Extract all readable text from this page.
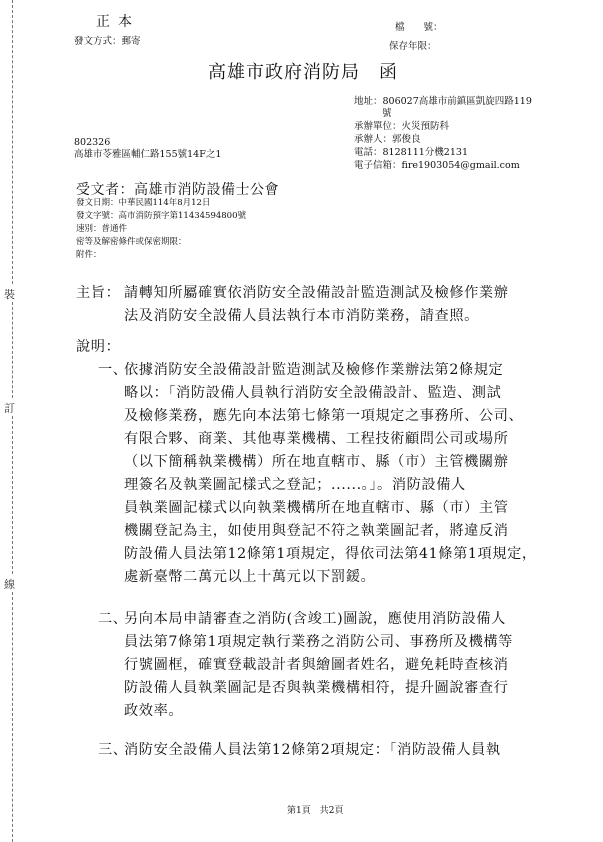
裝
訂
線

正本
發文方式：郵寄
檔　　號：
保存年限：
高雄市政府消防局　函
地址：806027高雄市前鎮區凱旋四路119
號
承辦單位：火災預防科
承辦人：郭俊良
電話：8128111分機2131
電子信箱：fire1903054@gmail.com
802326
高雄市苓雅區輔仁路155號14F之1
受文者：高雄市消防設備士公會
發文日期：中華民國114年8月12日
發文字號：高市消防預字第11434594800號
速別：普通件
密等及解密條件或保密期限：
附件：
主旨： 請轉知所屬確實依消防安全設備設計監造測試及檢修作業辦
法及消防安全設備人員法執行本市消防業務，請查照。
說明：
一、
依據消防安全設備設計監造測試及檢修作業辦法第2條規定
略以：「消防設備人員執行消防安全設備設計、監造、測試
及檢修業務，應先向本法第七條第一項規定之事務所、公司、
有限合夥、商業、其他專業機構、工程技術顧問公司或場所
（以下簡稱執業機構）所在地直轄市、縣（市）主管機關辦
理簽名及執業圖記樣式之登記；......。」。消防設備人
員執業圖記樣式以向執業機構所在地直轄市、縣（市）主管
機關登記為主，如使用與登記不符之執業圖記者，將違反消
防設備人員法第12條第1項規定，得依司法第41條第1項規定，
處新臺幣二萬元以上十萬元以下罰鍰。
二、
另向本局申請審查之消防(含竣工)圖說，應使用消防設備人
員法第7條第1項規定執行業務之消防公司、事務所及機構等
行號圖框，確實登載設計者與繪圖者姓名，避免耗時查核消
防設備人員執業圖記是否與執業機構相符，提升圖說審查行
政效率。
三、
消防安全設備人員法第12條第2項規定：「消防設備人員執
第1頁　共2頁
